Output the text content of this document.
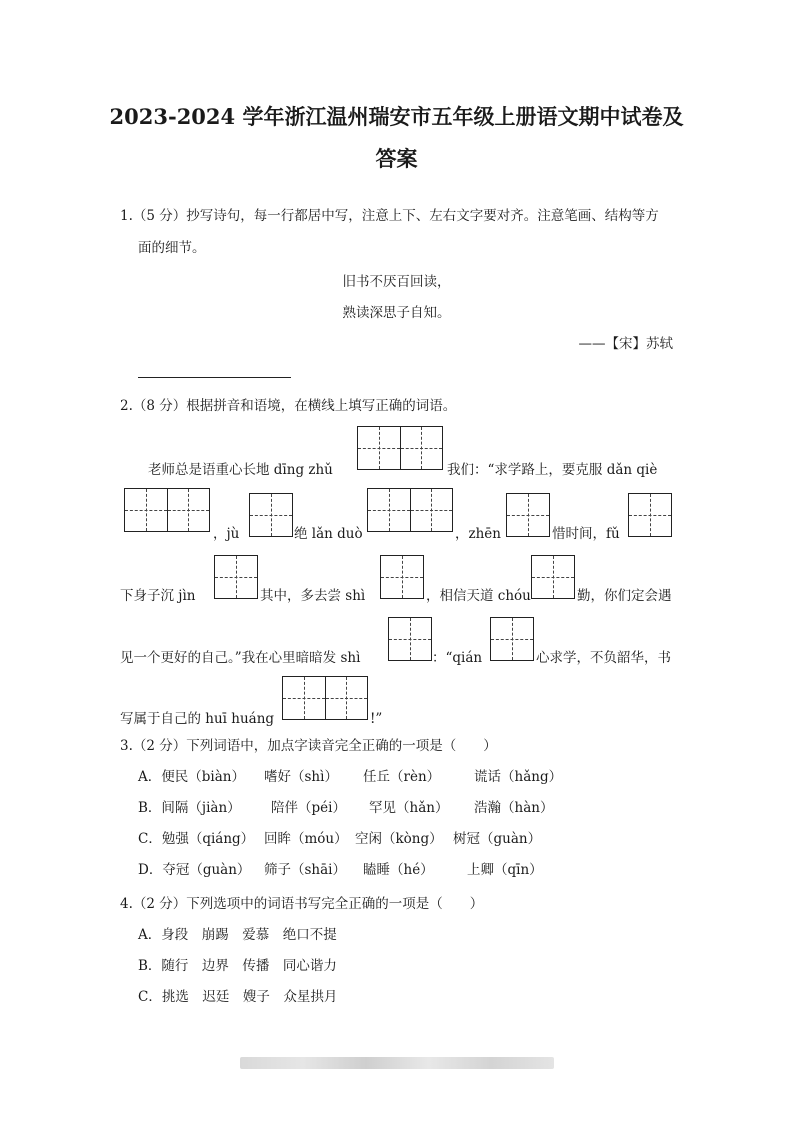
2023-2024 学年浙江温州瑞安市五年级上册语文期中试卷及
答案
1.（5 分）抄写诗句，每一行都居中写，注意上下、左右文字要对齐。注意笔画、结构等方
面的细节。
旧书不厌百回读，
熟读深思子自知。
——【宋】苏轼
2.（8 分）根据拼音和语境，在横线上填写正确的词语。
老师总是语重心长地 dīng zhǔ	我们：“求学路上，要克服 dǎn qiè
，jù	绝 lǎn duò	，zhēn	惜时间，fǔ
下身子沉 jìn	其中，多去尝 shì	，相信天道 chóu	勤，你们定会遇
见一个更好的自己。”我在心里暗暗发 shì	：“qián	心求学，不负韶华，书
写属于自己的 huī huáng	!”
3.（2 分）下列词语中，加点字读音完全正确的一项是（　　）
A．便民（biàn） 嗜好（shì） 任丘（rèn）	谎话（hǎng）
B．间隔（jiàn） 陪伴（péi） 罕见（hǎn） 浩瀚（hàn）
C．勉强（qiáng） 回眸（móu） 空闲（kòng） 树冠（guàn）
D．夺冠（guàn） 筛子（shāi） 瞌睡（hé） 上卿（qīn）
4.（2 分）下列选项中的词语书写完全正确的一项是（　　）
A．身段　崩踢　爱慕　绝口不提
B．随行　边界　传播　同心谐力
C．挑选　迟廷　嫂子　众星拱月
